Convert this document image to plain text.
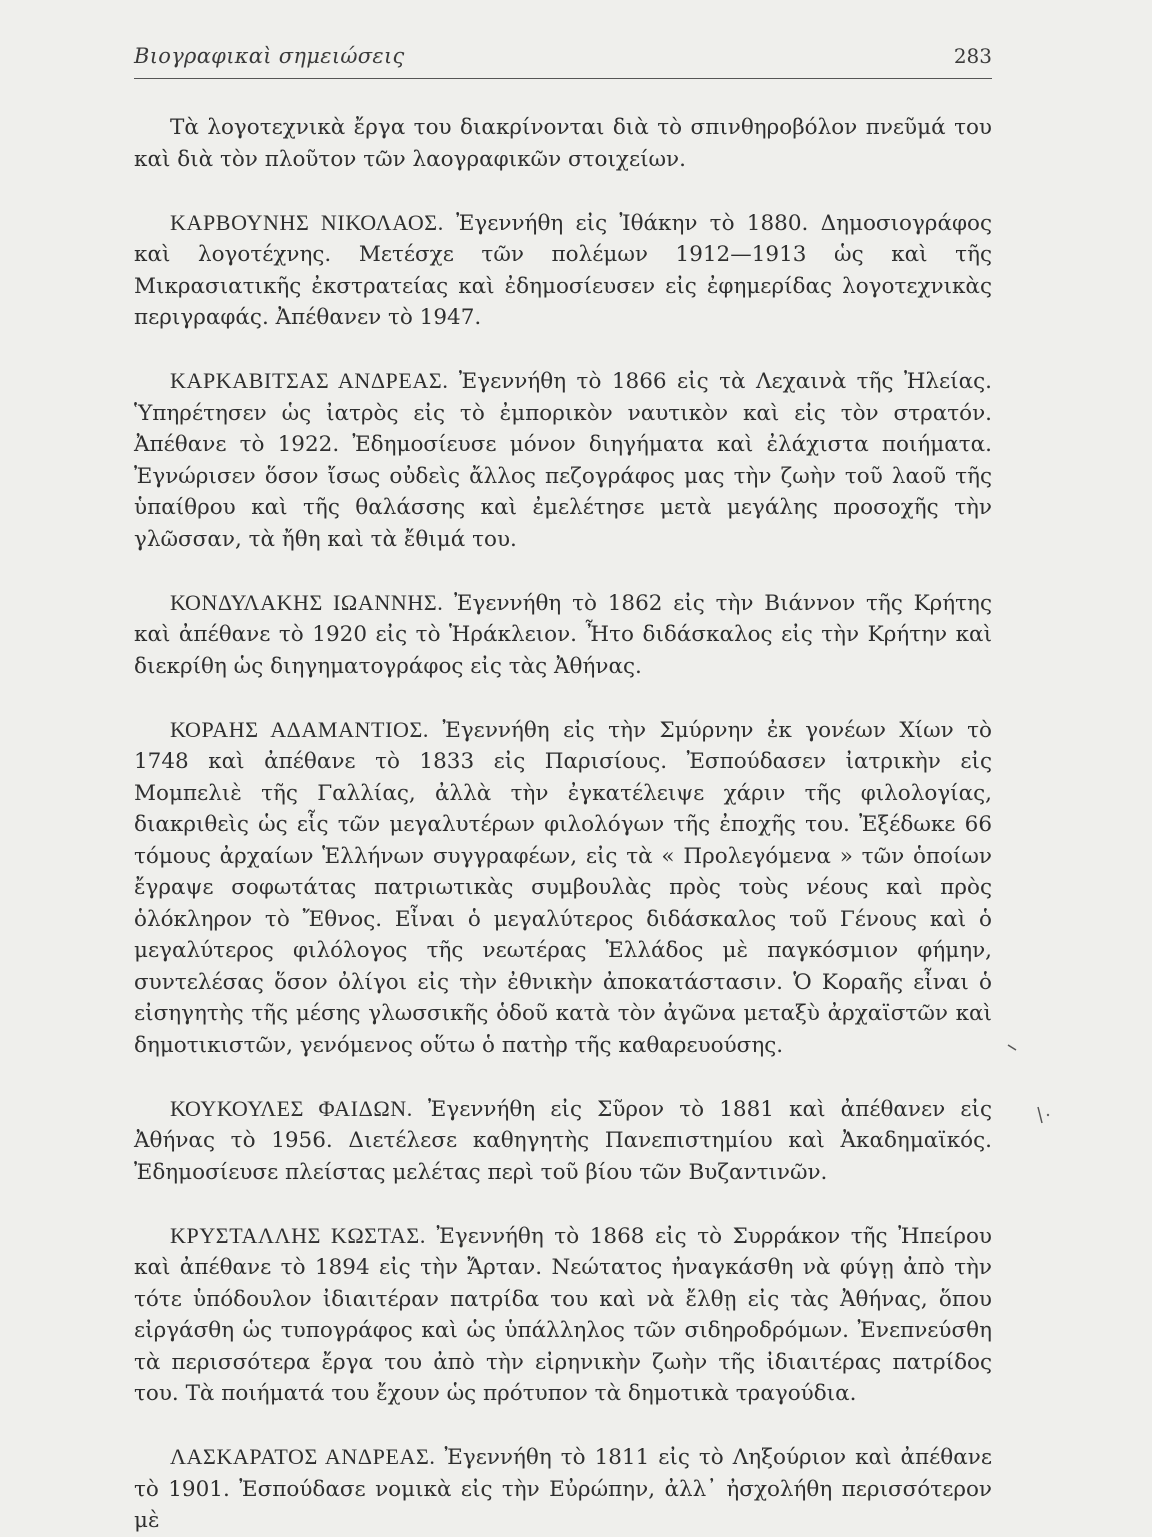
Βιογραφικαὶ σημειώσεις	283

Τὰ λογοτεχνικὰ ἔργα του διακρίνονται διὰ τὸ σπινθηροβόλον πνεῦμά του καὶ διὰ τὸν πλοῦτον τῶν λαογραφικῶν στοιχείων.

ΚΑΡΒΟΥΝΗΣ ΝΙΚΟΛΑΟΣ. Ἐγεννήθη εἰς Ἰθάκην τὸ 1880. Δημοσιογράφος καὶ λογοτέχνης. Μετέσχε τῶν πολέμων 1912—1913 ὡς καὶ τῆς Μικρασιατικῆς ἐκστρατείας καὶ ἐδημοσίευσεν εἰς ἐφημερίδας λογοτεχνικὰς περιγραφάς. Ἀπέθανεν τὸ 1947.

ΚΑΡΚΑΒΙΤΣΑΣ ΑΝΔΡΕΑΣ. Ἐγεννήθη τὸ 1866 εἰς τὰ Λεχαινὰ τῆς Ἠλείας. Ὑπηρέτησεν ὡς ἰατρὸς εἰς τὸ ἐμπορικὸν ναυτικὸν καὶ εἰς τὸν στρατόν. Ἀπέθανε τὸ 1922. Ἐδημοσίευσε μόνον διηγήματα καὶ ἐλάχιστα ποιήματα. Ἐγνώρισεν ὅσον ἴσως οὐδεὶς ἄλλος πεζογράφος μας τὴν ζωὴν τοῦ λαοῦ τῆς ὑπαίθρου καὶ τῆς θαλάσσης καὶ ἐμελέτησε μετὰ μεγάλης προσοχῆς τὴν γλῶσσαν, τὰ ἤθη καὶ τὰ ἔθιμά του.

ΚΟΝΔΥΛΑΚΗΣ ΙΩΑΝΝΗΣ. Ἐγεννήθη τὸ 1862 εἰς τὴν Βιάννον τῆς Κρήτης καὶ ἀπέθανε τὸ 1920 εἰς τὸ Ἡράκλειον. Ἦτο διδάσκαλος εἰς τὴν Κρήτην καὶ διεκρίθη ὡς διηγηματογράφος εἰς τὰς Ἀθήνας.

ΚΟΡΑΗΣ ΑΔΑΜΑΝΤΙΟΣ. Ἐγεννήθη εἰς τὴν Σμύρνην ἐκ γονέων Χίων τὸ 1748 καὶ ἀπέθανε τὸ 1833 εἰς Παρισίους. Ἐσπούδασεν ἰατρικὴν εἰς Μομπελιὲ τῆς Γαλλίας, ἀλλὰ τὴν ἐγκατέλειψε χάριν τῆς φιλολογίας, διακριθεὶς ὡς εἷς τῶν μεγαλυτέρων φιλολόγων τῆς ἐποχῆς του. Ἐξέδωκε 66 τόμους ἀρχαίων Ἑλλήνων συγγραφέων, εἰς τὰ « Προλεγόμενα » τῶν ὁποίων ἔγραψε σοφωτάτας πατριωτικὰς συμβουλὰς πρὸς τοὺς νέους καὶ πρὸς ὁλόκληρον τὸ Ἔθνος. Εἶναι ὁ μεγαλύτερος διδάσκαλος τοῦ Γένους καὶ ὁ μεγαλύτερος φιλόλογος τῆς νεωτέρας Ἑλλάδος μὲ παγκόσμιον φήμην, συντελέσας ὅσον ὀλίγοι εἰς τὴν ἐθνικὴν ἀποκατάστασιν. Ὁ Κοραῆς εἶναι ὁ εἰσηγητὴς τῆς μέσης γλωσσικῆς ὁδοῦ κατὰ τὸν ἀγῶνα μεταξὺ ἀρχαϊστῶν καὶ δημοτικιστῶν, γενόμενος οὕτω ὁ πατὴρ τῆς καθαρευούσης.

ΚΟΥΚΟΥΛΕΣ ΦΑΙΔΩΝ. Ἐγεννήθη εἰς Σῦρον τὸ 1881 καὶ ἀπέθανεν εἰς Ἀθήνας τὸ 1956. Διετέλεσε καθηγητὴς Πανεπιστημίου καὶ Ἀκαδημαϊκός. Ἐδημοσίευσε πλείστας μελέτας περὶ τοῦ βίου τῶν Βυζαντινῶν.

ΚΡΥΣΤΑΛΛΗΣ ΚΩΣΤΑΣ. Ἐγεννήθη τὸ 1868 εἰς τὸ Συρράκον τῆς Ἠπείρου καὶ ἀπέθανε τὸ 1894 εἰς τὴν Ἄρταν. Νεώτατος ἠναγκάσθη νὰ φύγῃ ἀπὸ τὴν τότε ὑπόδουλον ἰδιαιτέραν πατρίδα του καὶ νὰ ἔλθῃ εἰς τὰς Ἀθήνας, ὅπου εἰργάσθη ὡς τυπογράφος καὶ ὡς ὑπάλληλος τῶν σιδηροδρόμων. Ἐνεπνεύσθη τὰ περισσότερα ἔργα του ἀπὸ τὴν εἰρηνικὴν ζωὴν τῆς ἰδιαιτέρας πατρίδος του. Τὰ ποιήματά του ἔχουν ὡς πρότυπον τὰ δημοτικὰ τραγούδια.

ΛΑΣΚΑΡΑΤΟΣ ΑΝΔΡΕΑΣ. Ἐγεννήθη τὸ 1811 εἰς τὸ Ληξούριον καὶ ἀπέθανε τὸ 1901. Ἐσπούδασε νομικὰ εἰς τὴν Εὐρώπην, ἀλλ᾽ ἠσχολήθη περισσότερον μὲ
